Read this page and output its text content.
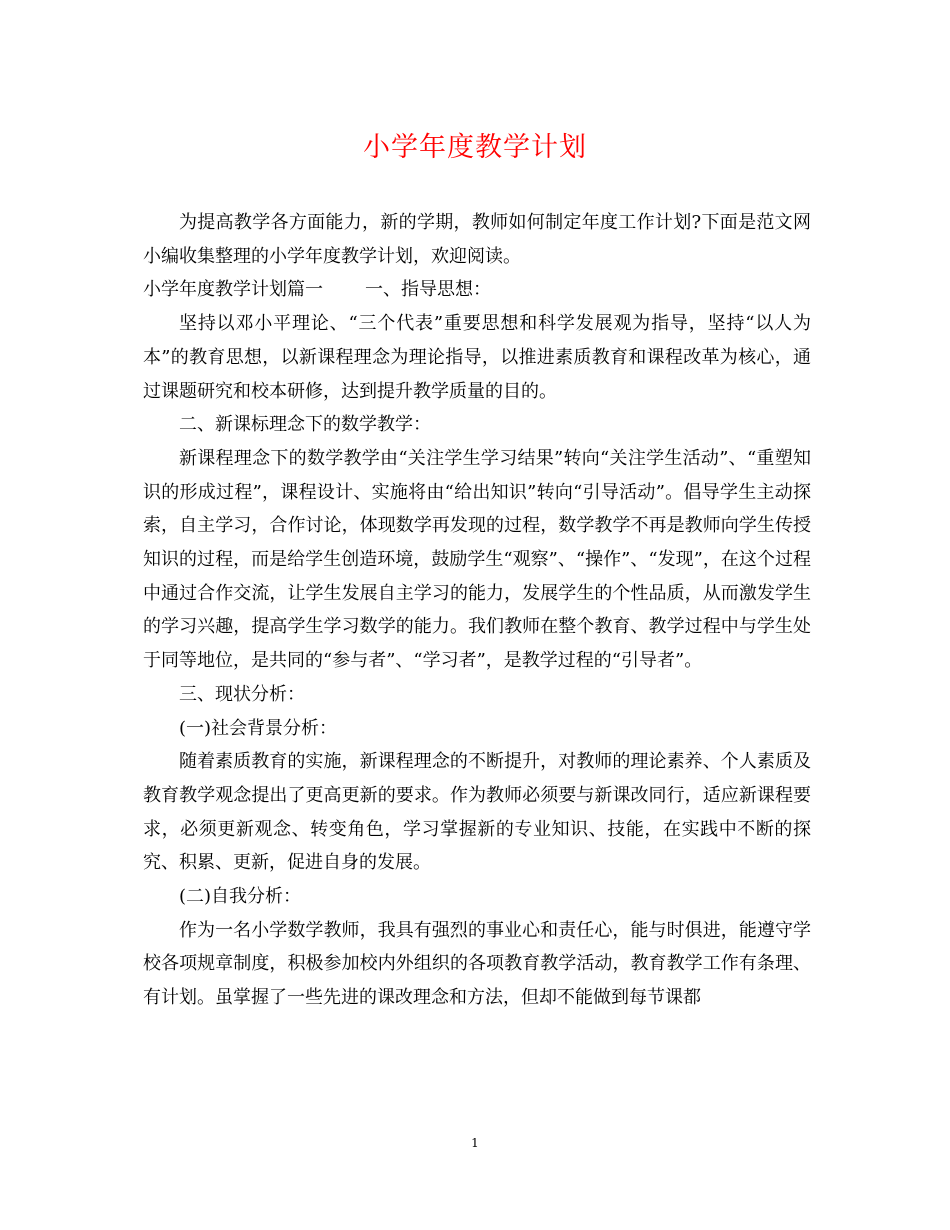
小学年度教学计划

为提高教学各方面能力，新的学期，教师如何制定年度工作计划?下面是范文网小编收集整理的小学年度教学计划，欢迎阅读。

小学年度教学计划篇一 一、指导思想：

坚持以邓小平理论、“三个代表”重要思想和科学发展观为指导，坚持“以人为本”的教育思想，以新课程理念为理论指导，以推进素质教育和课程改革为核心，通过课题研究和校本研修，达到提升教学质量的目的。

二、新课标理念下的数学教学：

新课程理念下的数学教学由“关注学生学习结果”转向“关注学生活动”、“重塑知识的形成过程”，课程设计、实施将由“给出知识”转向“引导活动”。倡导学生主动探索，自主学习，合作讨论，体现数学再发现的过程，数学教学不再是教师向学生传授知识的过程，而是给学生创造环境，鼓励学生“观察”、“操作”、“发现”，在这个过程中通过合作交流，让学生发展自主学习的能力，发展学生的个性品质，从而激发学生的学习兴趣，提高学生学习数学的能力。我们教师在整个教育、教学过程中与学生处于同等地位，是共同的“参与者”、“学习者”，是教学过程的“引导者”。

三、现状分析：

(一)社会背景分析：

随着素质教育的实施，新课程理念的不断提升，对教师的理论素养、个人素质及教育教学观念提出了更高更新的要求。作为教师必须要与新课改同行，适应新课程要求，必须更新观念、转变角色，学习掌握新的专业知识、技能，在实践中不断的探究、积累、更新，促进自身的发展。

(二)自我分析：

作为一名小学数学教师，我具有强烈的事业心和责任心，能与时俱进，能遵守学校各项规章制度，积极参加校内外组织的各项教育教学活动，教育教学工作有条理、有计划。虽掌握了一些先进的课改理念和方法，但却不能做到每节课都

1
